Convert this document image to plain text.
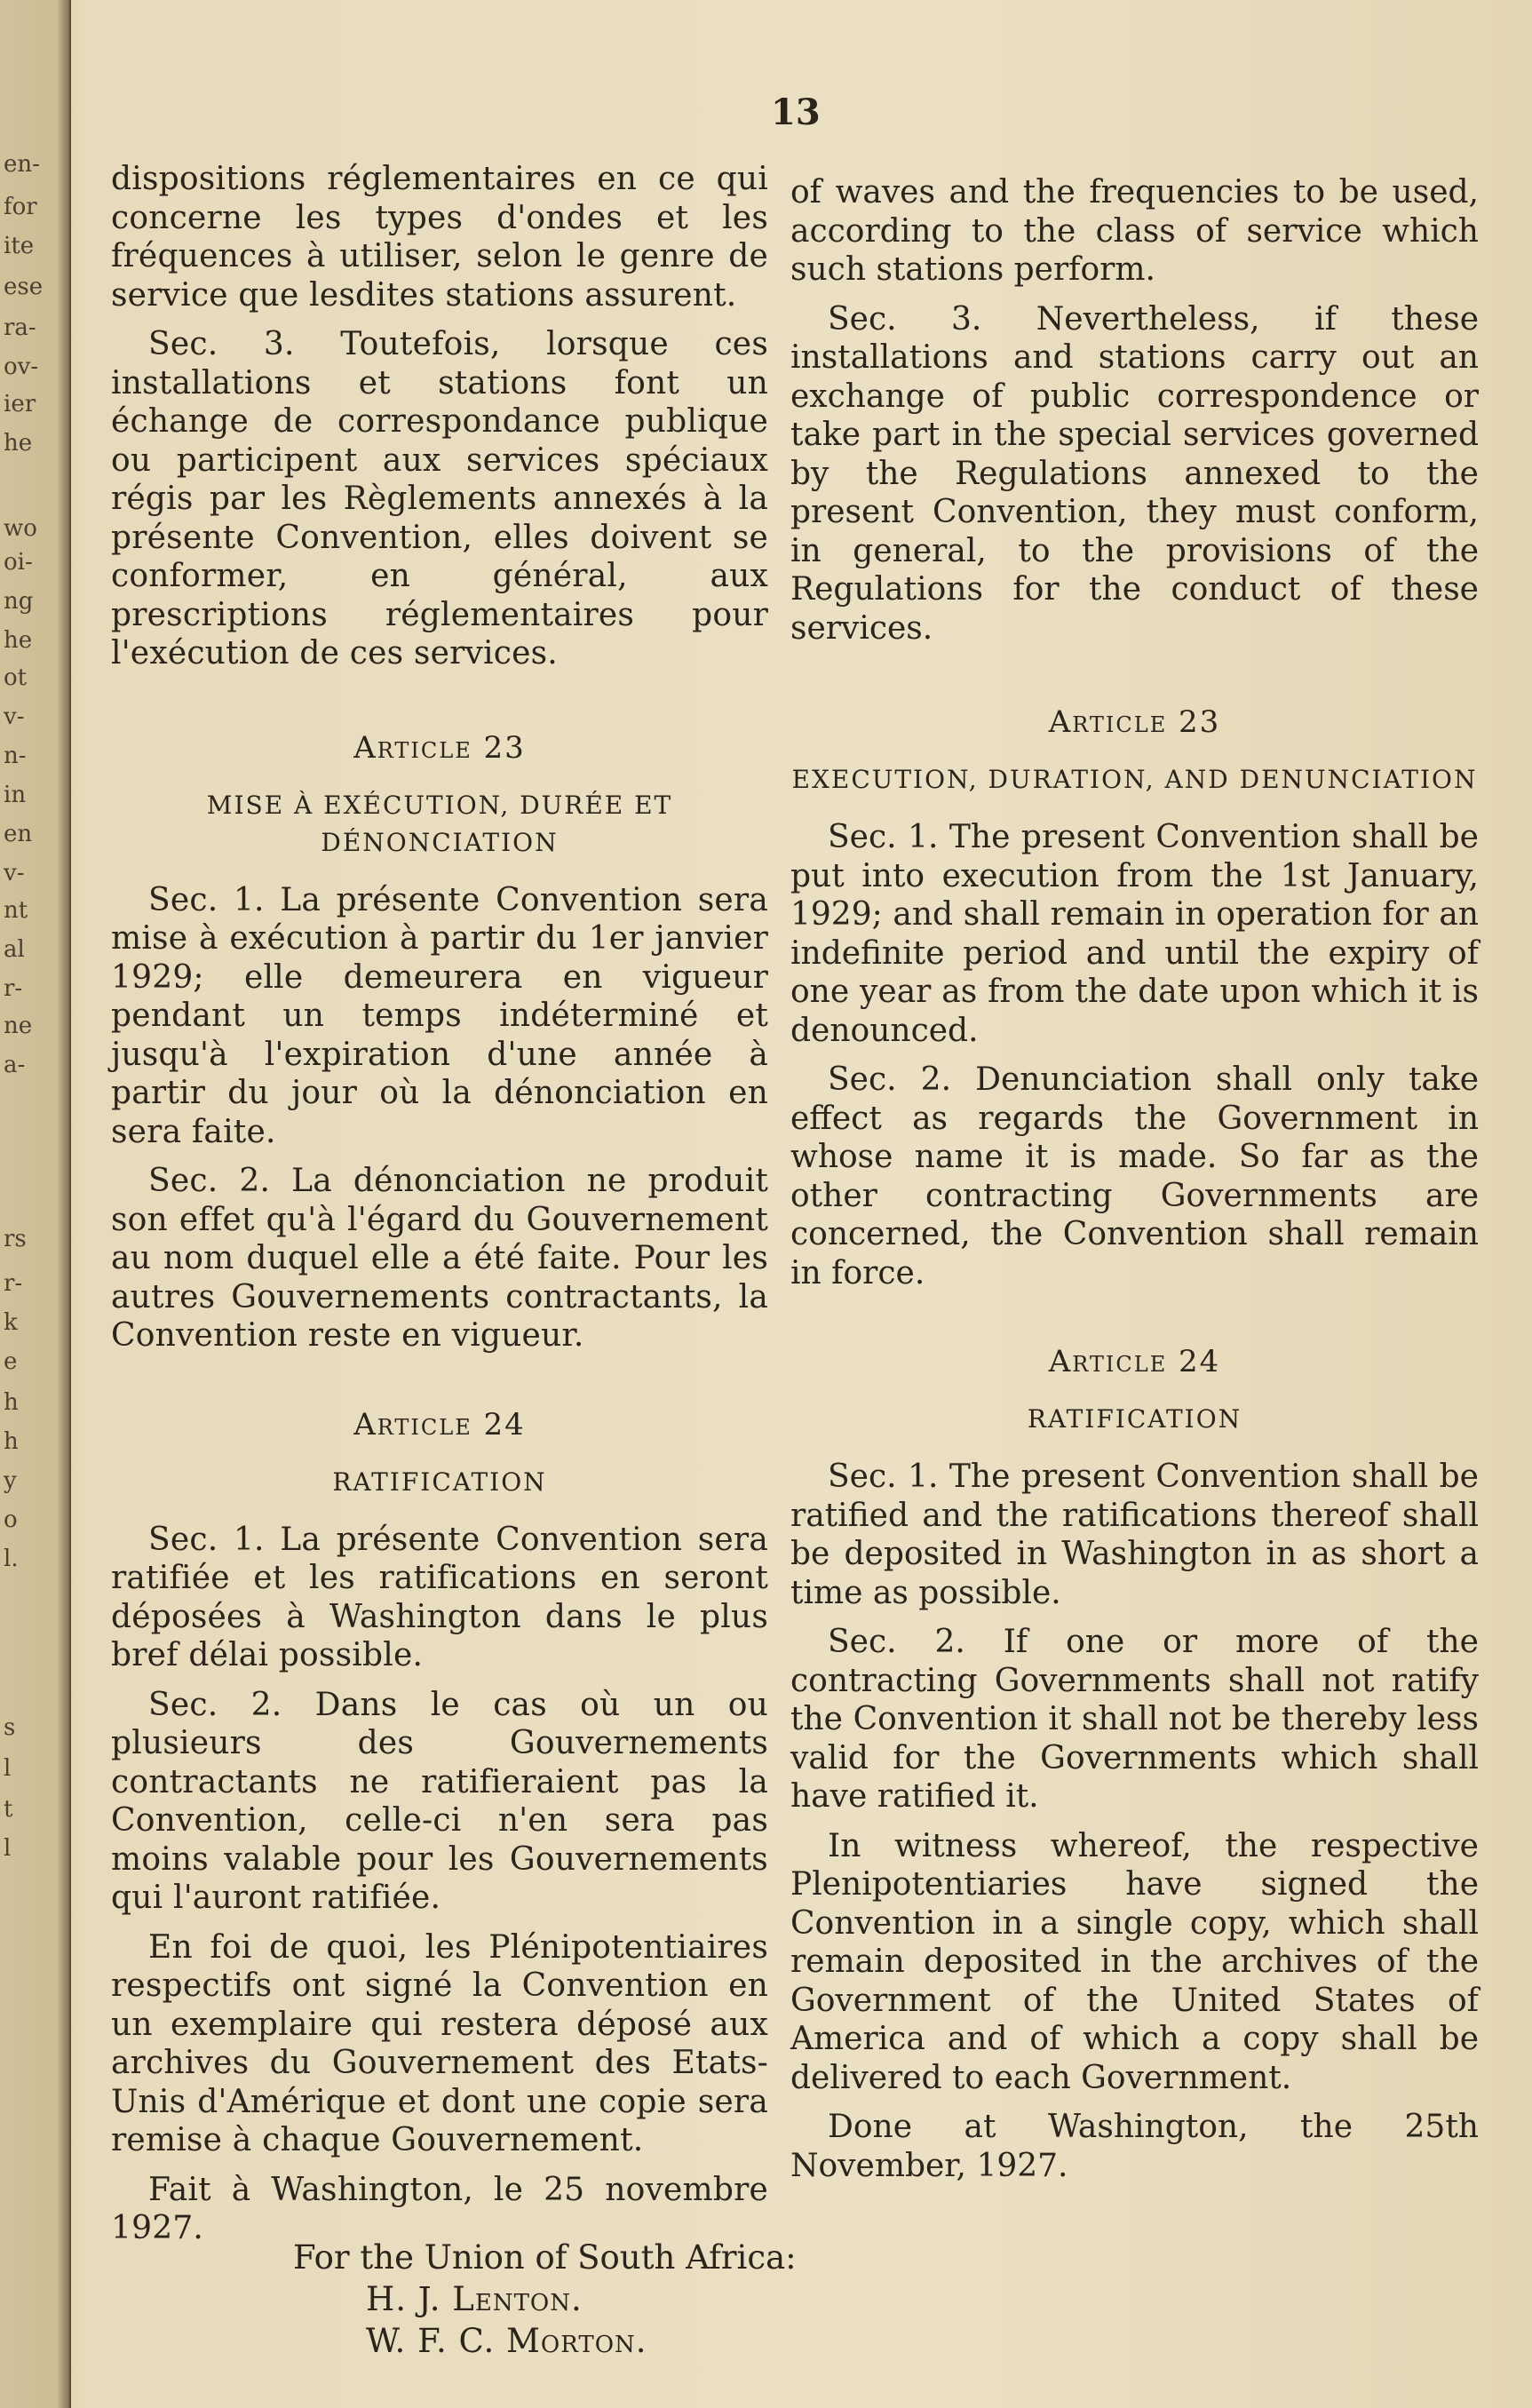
en-
for
ite
ese
ra-
ov-
ier
he
wo
oi-
ng
he
ot
v-
n-
in
en
v-
nt
al
r-
ne
a-
rs
r-
k
e
h
h
y
o
l.
s
l
t
l
13

dispositions réglementaires en ce qui concerne les types d'ondes et les fréquences à utiliser, selon le genre de service que lesdites stations assurent.

Sec. 3. Toutefois, lorsque ces installations et stations font un échange de correspondance publique ou participent aux services spéciaux régis par les Règlements annexés à la présente Convention, elles doivent se conformer, en général, aux prescriptions réglementaires pour l'exécution de ces services.

Article 23
MISE À EXÉCUTION, DURÉE ET DÉNONCIATION

Sec. 1. La présente Convention sera mise à exécution à partir du 1er janvier 1929; elle demeurera en vigueur pendant un temps indéterminé et jusqu'à l'expiration d'une année à partir du jour où la dénonciation en sera faite.

Sec. 2. La dénonciation ne produit son effet qu'à l'égard du Gouvernement au nom duquel elle a été faite. Pour les autres Gouvernements contractants, la Convention reste en vigueur.

Article 24
RATIFICATION

Sec. 1. La présente Convention sera ratifiée et les ratifications en seront déposées à Washington dans le plus bref délai possible.

Sec. 2. Dans le cas où un ou plusieurs des Gouvernements contractants ne ratifieraient pas la Convention, celle-ci n'en sera pas moins valable pour les Gouvernements qui l'auront ratifiée.

En foi de quoi, les Plénipotentiaires respectifs ont signé la Convention en un exemplaire qui restera déposé aux archives du Gouvernement des Etats-Unis d'Amérique et dont une copie sera remise à chaque Gouvernement.

Fait à Washington, le 25 novembre 1927.

of waves and the frequencies to be used, according to the class of service which such stations perform.

Sec. 3. Nevertheless, if these installations and stations carry out an exchange of public correspondence or take part in the special services governed by the Regulations annexed to the present Convention, they must conform, in general, to the provisions of the Regulations for the conduct of these services.

Article 23
EXECUTION, DURATION, AND DENUNCIATION

Sec. 1. The present Convention shall be put into execution from the 1st January, 1929; and shall remain in operation for an indefinite period and until the expiry of one year as from the date upon which it is denounced.

Sec. 2. Denunciation shall only take effect as regards the Government in whose name it is made. So far as the other contracting Governments are concerned, the Convention shall remain in force.

Article 24
RATIFICATION

Sec. 1. The present Convention shall be ratified and the ratifications thereof shall be deposited in Washington in as short a time as possible.

Sec. 2. If one or more of the contracting Governments shall not ratify the Convention it shall not be thereby less valid for the Governments which shall have ratified it.

In witness whereof, the respective Plenipotentiaries have signed the Convention in a single copy, which shall remain deposited in the archives of the Government of the United States of America and of which a copy shall be delivered to each Government.

Done at Washington, the 25th November, 1927.

For the Union of South Africa:
H. J. Lenton.
W. F. C. Morton.
